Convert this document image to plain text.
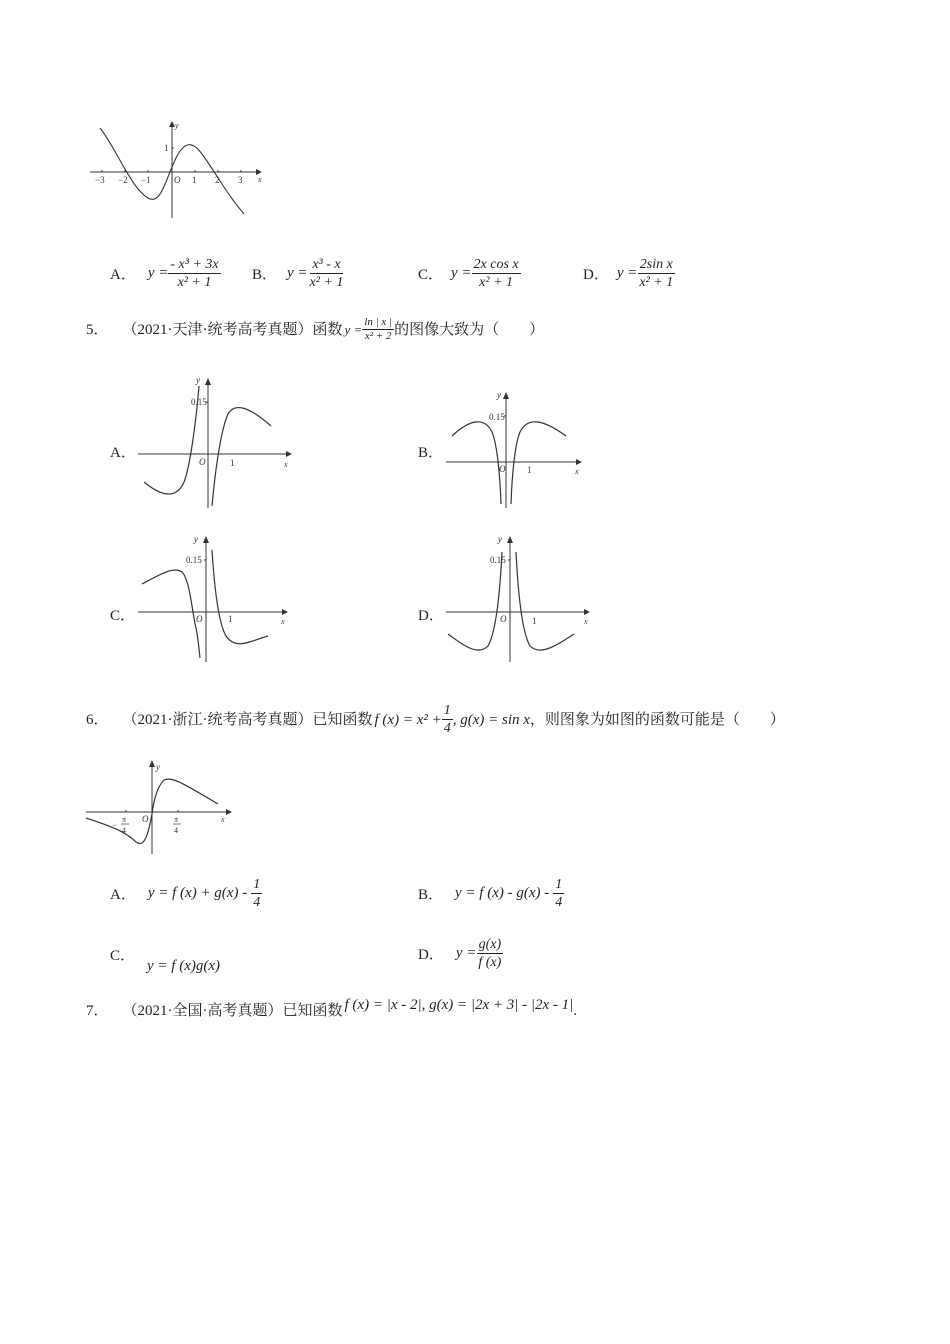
−3 −2 −1	O 1 2 3 x
y
1
A． $y = \frac{\text{- x³ + 3x}}{\text{x² + 1}}$ B． $y = \frac{\text{x³ - x}}{\text{x² + 1}}$	C． $y = \frac{\text{2x cos x}}{\text{x² + 1}}$	D． $y = \frac{\text{2sin x}}{\text{x² + 1}}$
5． （2021·天津·统考高考真题）函数 $y = \frac{\ln | x |}{\text{x² + 2}}$ 的图像大致为（　　）
A．
0.15
y
x
O	1
B．
0.15
y
x
O 1
C．
0.15
y
x
O	1	D．
0.15
y
x
O	1
6． （2021·浙江·统考高考真题）已知函数 f $(x) = x^2 + \frac{1}{4}$ , g(x) = sin x ，则图象为如图的函数可能是（　　）
y
x
O
−
π
4
π
4
A． y = f $(x) + g(x) - \frac{1}{4}$	B． y = f $(x) - g(x) - \frac{1}{4}$
C．
y = f (x)g(x)
D． $y = \frac{g(x)}{f (x)}$
7． （2021·全国·高考真题）已知函数 f (x) = |x - 2|, g(x) = |2x + 3| - |2x - 1| .
